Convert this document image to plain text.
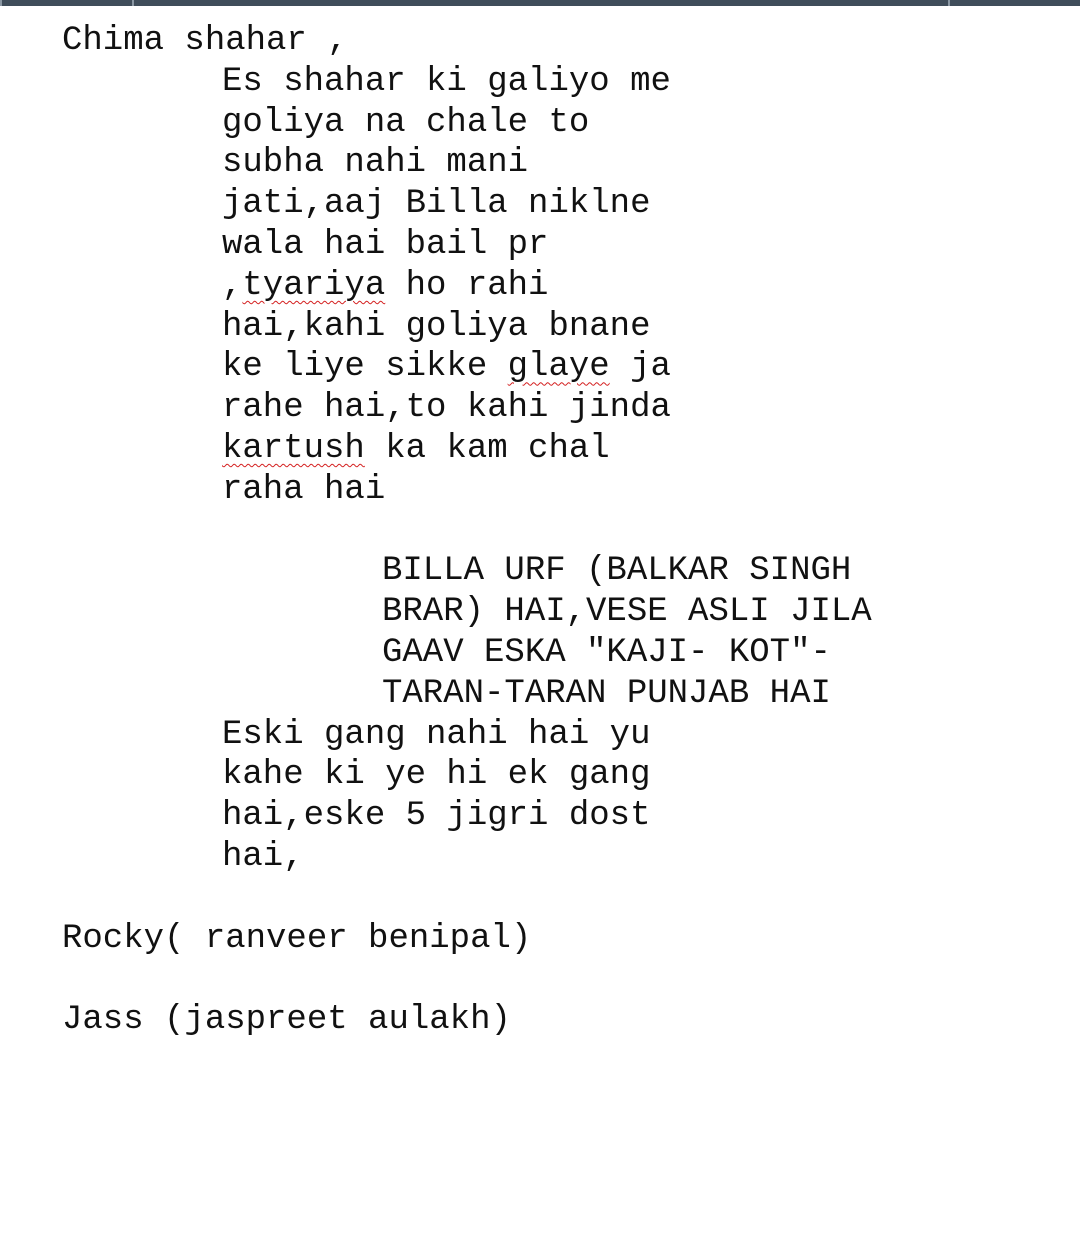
Chima shahar ,
Es shahar ki galiyo me
goliya na chale to
subha nahi mani
jati,aaj Billa niklne
wala hai bail pr
,tyariya ho rahi
hai,kahi goliya bnane
ke liye sikke glaye ja
rahe hai,to kahi jinda
kartush ka kam chal
raha hai
BILLA URF (BALKAR SINGH
BRAR) HAI,VESE ASLI JILA
GAAV ESKA "KAJI- KOT"-
TARAN-TARAN PUNJAB HAI
Eski gang nahi hai yu
kahe ki ye hi ek gang
hai,eske 5 jigri dost
hai,
Rocky( ranveer benipal)
Jass (jaspreet aulakh)
